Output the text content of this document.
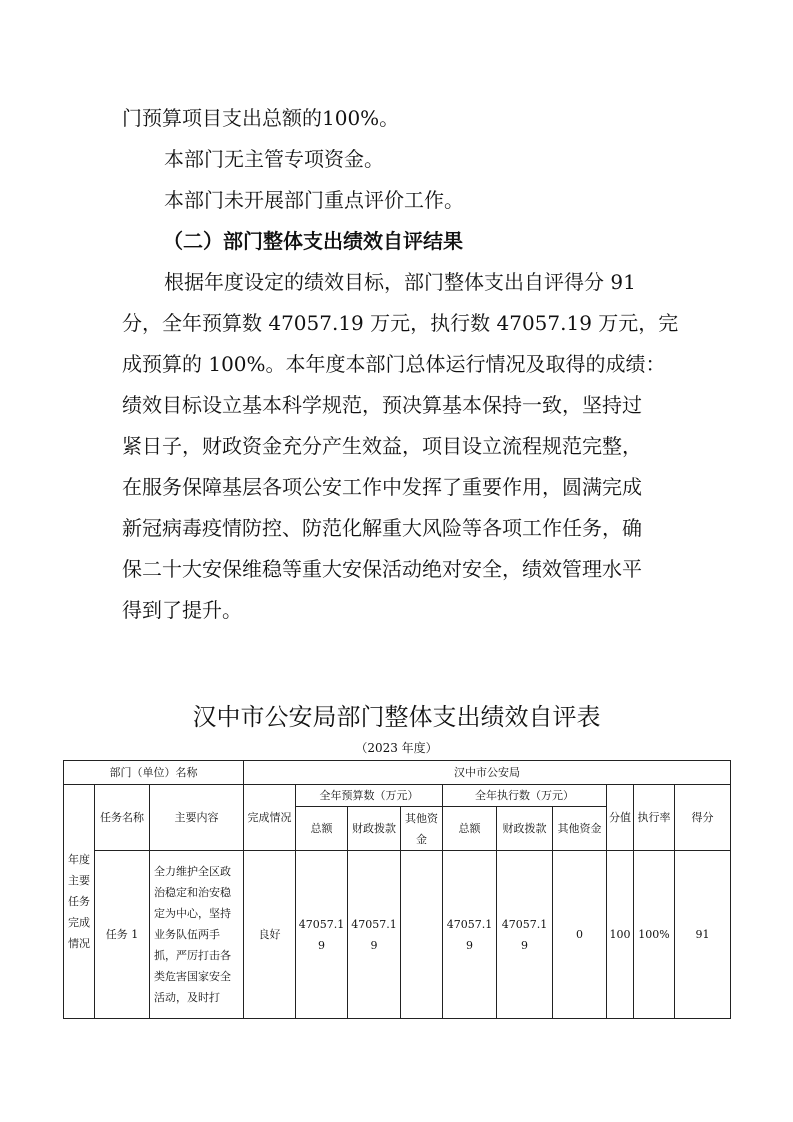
门预算项目支出总额的100%。
本部门无主管专项资金。
本部门未开展部门重点评价工作。
（二）部门整体支出绩效自评结果
根据年度设定的绩效目标，部门整体支出自评得分 91
分，全年预算数 47057.19 万元，执行数 47057.19 万元，完
成预算的 100%。本年度本部门总体运行情况及取得的成绩：
绩效目标设立基本科学规范，预决算基本保持一致，坚持过
紧日子，财政资金充分产生效益，项目设立流程规范完整，
在服务保障基层各项公安工作中发挥了重要作用，圆满完成
新冠病毒疫情防控、防范化解重大风险等各项工作任务，确
保二十大安保维稳等重大安保活动绝对安全，绩效管理水平
得到了提升。
汉中市公安局部门整体支出绩效自评表
（2023 年度）
部门（单位）名称			汉中市公安局									
年度主要任务完成情况	任务名称	主要内容	完成情况	全年预算数（万元）			全年执行数（万元）			分值	执行率	得分
				总额	财政拨款	其他资金	总额	财政拨款	其他资金			
	任务 1	全力维护全区政治稳定和治安稳定为中心，坚持业务队伍两手抓，严厉打击各类危害国家安全活动，及时打	良好	47057.19	47057.19		47057.19	47057.19	0	100	100%	91
